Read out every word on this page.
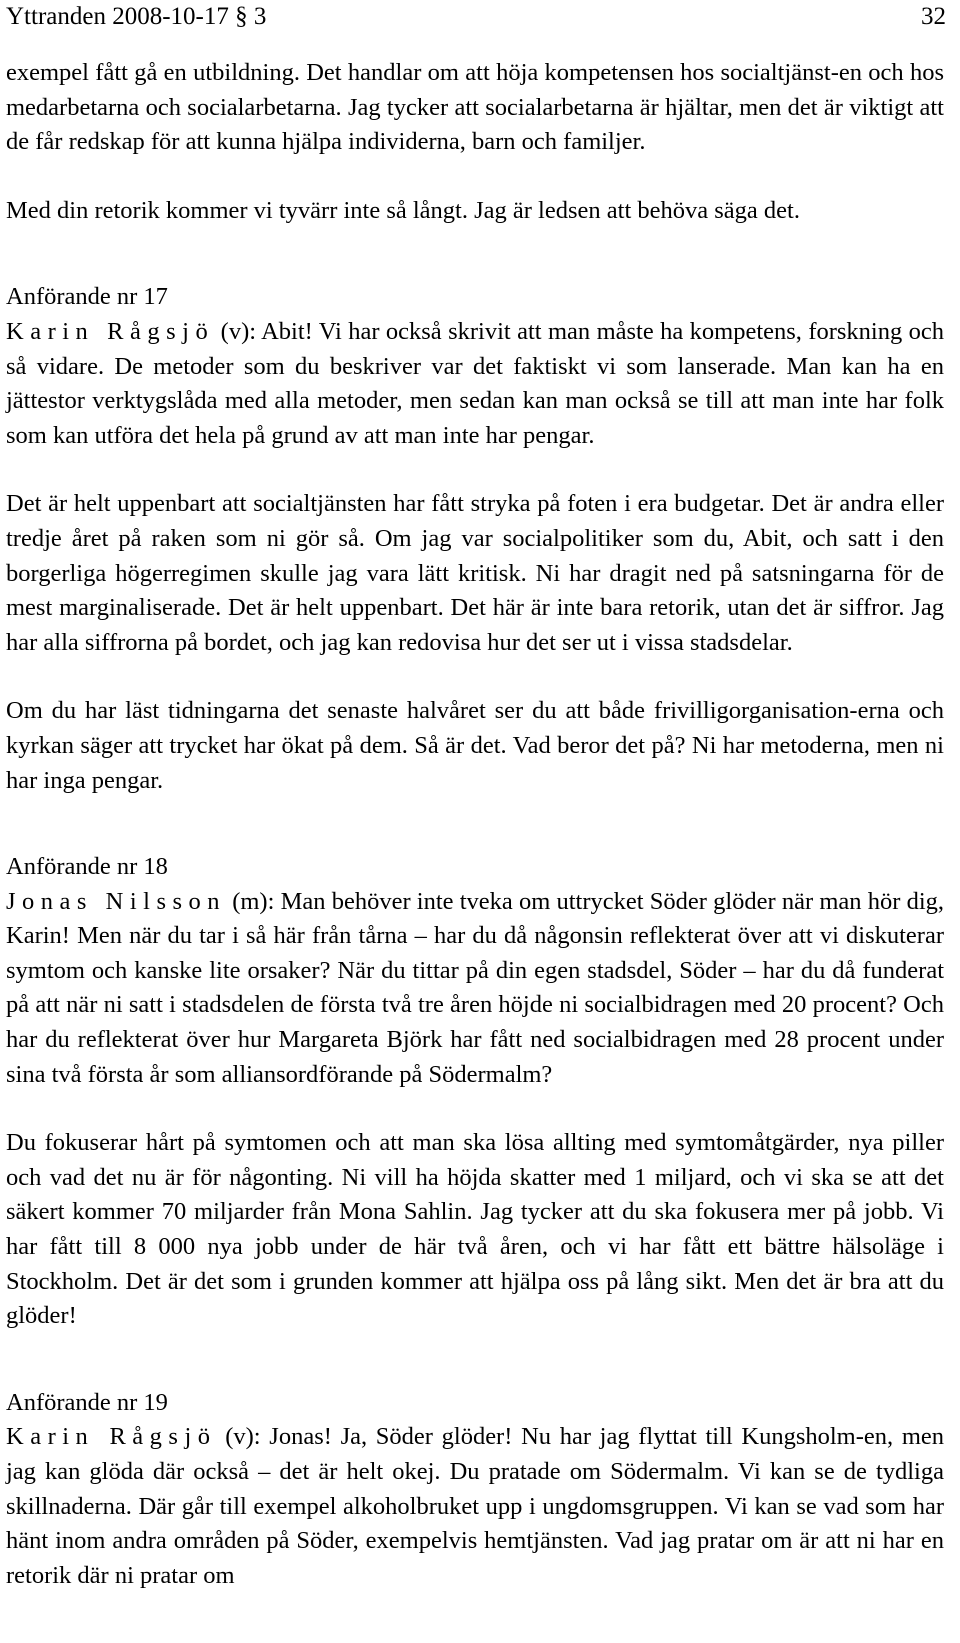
Yttranden 2008-10-17 § 3	32

exempel fått gå en utbildning. Det handlar om att höja kompetensen hos socialtjänst-en och hos medarbetarna och socialarbetarna. Jag tycker att socialarbetarna är hjältar, men det är viktigt att de får redskap för att kunna hjälpa individerna, barn och familjer.

Med din retorik kommer vi tyvärr inte så långt. Jag är ledsen att behöva säga det.

Anförande nr 17

Karin Rågsjö (v): Abit! Vi har också skrivit att man måste ha kompetens, forskning och så vidare. De metoder som du beskriver var det faktiskt vi som lanserade. Man kan ha en jättestor verktygslåda med alla metoder, men sedan kan man också se till att man inte har folk som kan utföra det hela på grund av att man inte har pengar.

Det är helt uppenbart att socialtjänsten har fått stryka på foten i era budgetar. Det är andra eller tredje året på raken som ni gör så. Om jag var socialpolitiker som du, Abit, och satt i den borgerliga högerregimen skulle jag vara lätt kritisk. Ni har dragit ned på satsningarna för de mest marginaliserade. Det är helt uppenbart. Det här är inte bara retorik, utan det är siffror. Jag har alla siffrorna på bordet, och jag kan redovisa hur det ser ut i vissa stadsdelar.

Om du har läst tidningarna det senaste halvåret ser du att både frivilligorganisation-erna och kyrkan säger att trycket har ökat på dem. Så är det. Vad beror det på? Ni har metoderna, men ni har inga pengar.

Anförande nr 18

Jonas Nilsson (m): Man behöver inte tveka om uttrycket Söder glöder när man hör dig, Karin! Men när du tar i så här från tårna – har du då någonsin reflekterat över att vi diskuterar symtom och kanske lite orsaker? När du tittar på din egen stadsdel, Söder – har du då funderat på att när ni satt i stadsdelen de första två tre åren höjde ni socialbidragen med 20 procent? Och har du reflekterat över hur Margareta Björk har fått ned socialbidragen med 28 procent under sina två första år som alliansordförande på Södermalm?

Du fokuserar hårt på symtomen och att man ska lösa allting med symtomåtgärder, nya piller och vad det nu är för någonting. Ni vill ha höjda skatter med 1 miljard, och vi ska se att det säkert kommer 70 miljarder från Mona Sahlin. Jag tycker att du ska fokusera mer på jobb. Vi har fått till 8 000 nya jobb under de här två åren, och vi har fått ett bättre hälsoläge i Stockholm. Det är det som i grunden kommer att hjälpa oss på lång sikt. Men det är bra att du glöder!

Anförande nr 19

Karin Rågsjö (v): Jonas! Ja, Söder glöder! Nu har jag flyttat till Kungsholm-en, men jag kan glöda där också – det är helt okej. Du pratade om Södermalm. Vi kan se de tydliga skillnaderna. Där går till exempel alkoholbruket upp i ungdomsgruppen. Vi kan se vad som har hänt inom andra områden på Söder, exempelvis hemtjänsten. Vad jag pratar om är att ni har en retorik där ni pratar om
